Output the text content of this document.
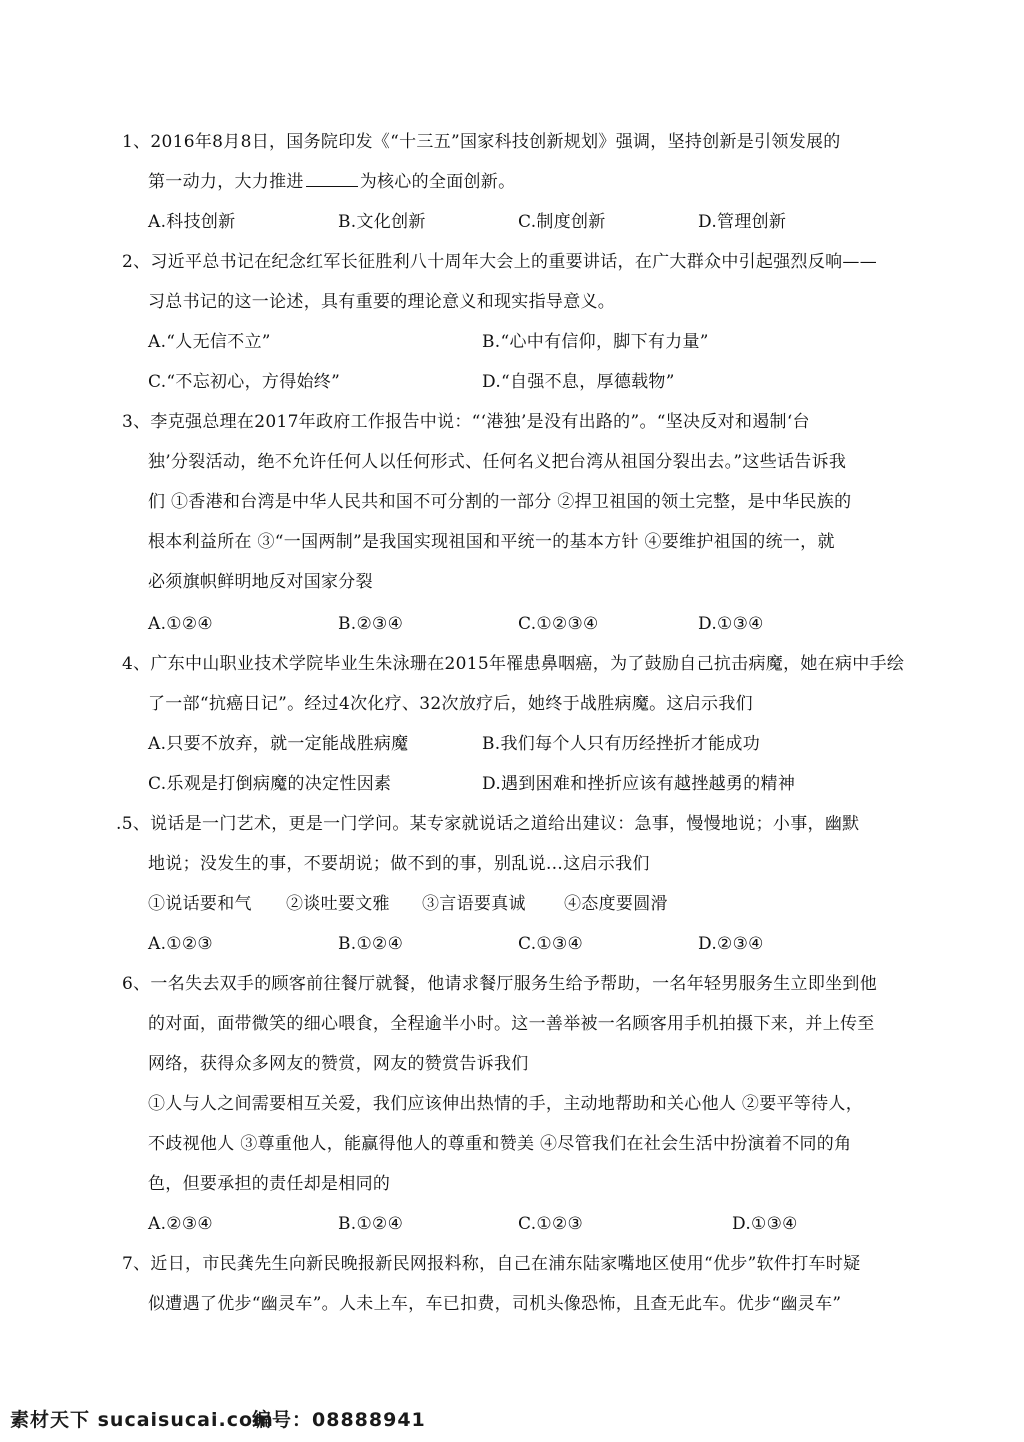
1、2016年8月8日，国务院印发《“十三五”国家科技创新规划》强调，坚持创新是引领发展的
第一动力，大力推进	为核心的全面创新。
A.科技创新	B.文化创新	C.制度创新	D.管理创新
2、习近平总书记在纪念红军长征胜利八十周年大会上的重要讲话，在广大群众中引起强烈反响——
习总书记的这一论述，具有重要的理论意义和现实指导意义。
A.“人无信不立”	B.“心中有信仰，脚下有力量”
C.“不忘初心，方得始终”	D.“自强不息，厚德载物”
3、李克强总理在2017年政府工作报告中说：“‘港独’是没有出路的”。“坚决反对和遏制‘台
独’分裂活动，绝不允许任何人以任何形式、任何名义把台湾从祖国分裂出去。”这些话告诉我
们 ①香港和台湾是中华人民共和国不可分割的一部分 ②捍卫祖国的领土完整，是中华民族的
根本利益所在 ③“一国两制”是我国实现祖国和平统一的基本方针 ④要维护祖国的统一，就
必须旗帜鲜明地反对国家分裂
A.①②④	B.②③④	C.①②③④	D.①③④
4、广东中山职业技术学院毕业生朱泳珊在2015年罹患鼻咽癌，为了鼓励自己抗击病魔，她在病中手绘
了一部“抗癌日记”。经过4次化疗、32次放疗后，她终于战胜病魔。这启示我们
A.只要不放弃，就一定能战胜病魔	B.我们每个人只有历经挫折才能成功
C.乐观是打倒病魔的决定性因素	D.遇到困难和挫折应该有越挫越勇的精神
.5、说话是一门艺术，更是一门学问。某专家就说话之道给出建议：急事，慢慢地说；小事，幽默
地说；没发生的事，不要胡说；做不到的事，别乱说…这启示我们
①说话要和气 ②谈吐要文雅 ③言语要真诚 ④态度要圆滑
A.①②③	B.①②④	C.①③④	D.②③④
6、一名失去双手的顾客前往餐厅就餐，他请求餐厅服务生给予帮助，一名年轻男服务生立即坐到他
的对面，面带微笑的细心喂食，全程逾半小时。这一善举被一名顾客用手机拍摄下来，并上传至
网络，获得众多网友的赞赏，网友的赞赏告诉我们
①人与人之间需要相互关爱，我们应该伸出热情的手，主动地帮助和关心他人 ②要平等待人，
不歧视他人 ③尊重他人，能赢得他人的尊重和赞美 ④尽管我们在社会生活中扮演着不同的角
色，但要承担的责任却是相同的
A.②③④	B.①②④	C.①②③	D.①③④
7、近日，市民龚先生向新民晚报新民网报料称，自己在浦东陆家嘴地区使用“优步”软件打车时疑
似遭遇了优步“幽灵车”。人未上车，车已扣费，司机头像恐怖，且查无此车。优步“幽灵车”
素材天下 sucaisucai.com
编号：08888941
